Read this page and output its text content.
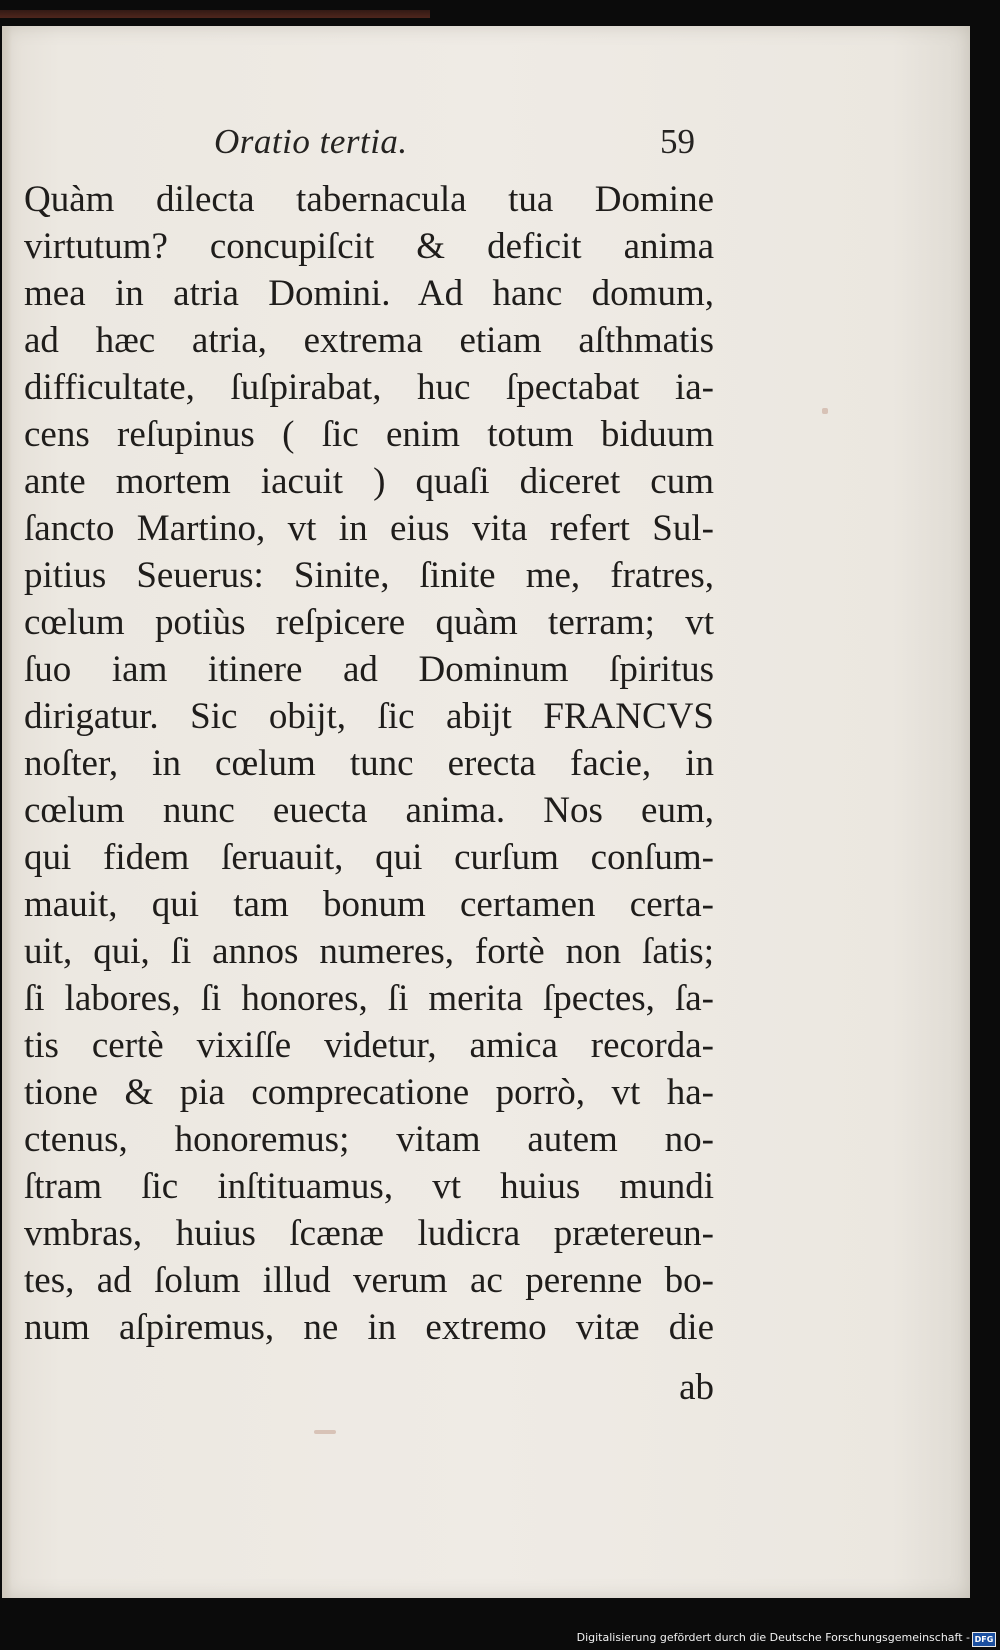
Oratio tertia.	59
Quàm dilecta tabernacula tua Domine
virtutum? concupiſcit & deficit anima
mea in atria Domini. Ad hanc domum,
ad hæc atria, extrema etiam aſthmatis
difficultate, ſuſpirabat, huc ſpectabat ia-
cens reſupinus ( ſic enim totum biduum
ante mortem iacuit ) quaſi diceret cum
ſancto Martino, vt in eius vita refert Sul-
pitius Seuerus: Sinite, ſinite me, fratres,
cœlum potiùs reſpicere quàm terram; vt
ſuo iam itinere ad Dominum ſpiritus
dirigatur. Sic obijt, ſic abijt FRANCVS
noſter, in cœlum tunc erecta facie, in
cœlum nunc euecta anima. Nos eum,
qui fidem ſeruauit, qui curſum conſum-
mauit, qui tam bonum certamen certa-
uit, qui, ſi annos numeres, fortè non ſatis;
ſi labores, ſi honores, ſi merita ſpectes, ſa-
tis certè vixiſſe videtur, amica recorda-
tione & pia comprecatione porrò, vt ha-
ctenus, honoremus; vitam autem no-
ſtram ſic inſtituamus, vt huius mundi
vmbras, huius ſcænæ ludicra prætereun-
tes, ad ſolum illud verum ac perenne bo-
num aſpiremus, ne in extremo vitæ die
ab
Digitalisierung gefördert durch die Deutsche Forschungsgemeinschaft - DFG
